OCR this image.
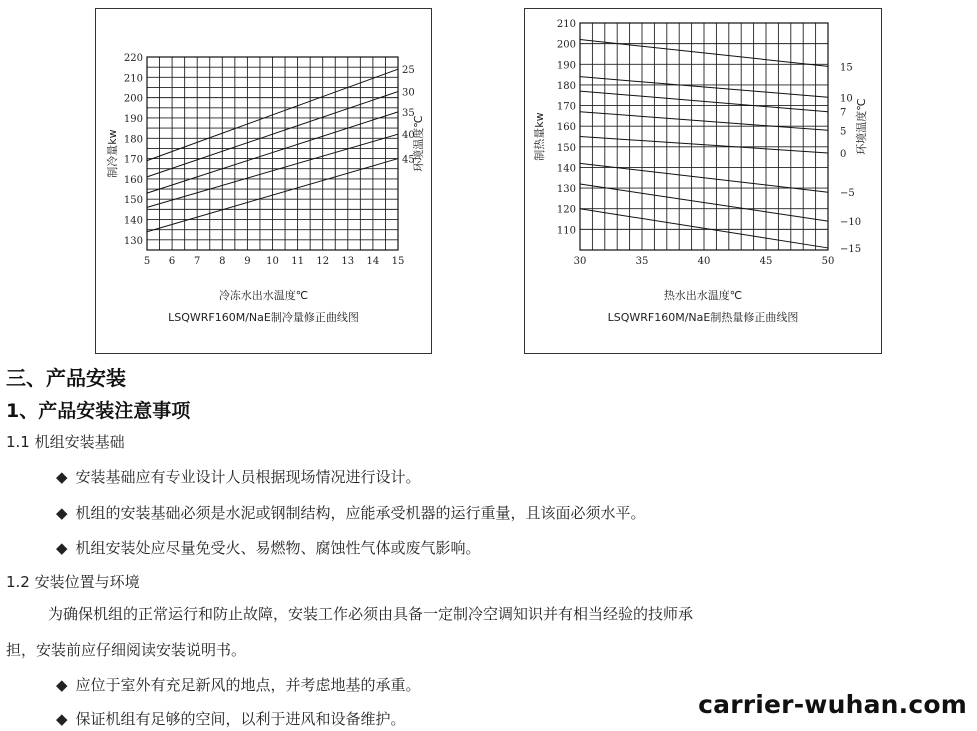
5 6 7 8 9 10 11 12 13 14 15
130
140
150
160
170
180
190
200
210
220
25
30
35
40
45
制冷量kw	环境温度℃
冷冻水出水温度℃
LSQWRF160M/NaE制冷量修正曲线图
30	35	40	45	50
110
120
130
140
150
160
170
180
190
200
210
15
10
7
5
0
−5
−10
−15
制热量kw	环境温度℃
热水出水温度℃
LSQWRF160M/NaE制热量修正曲线图
三、产品安装
1、产品安装注意事项
1.1 机组安装基础
◆ 安装基础应有专业设计人员根据现场情况进行设计。
◆ 机组的安装基础必须是水泥或钢制结构，应能承受机器的运行重量，且该面必须水平。
◆ 机组安装处应尽量免受火、易燃物、腐蚀性气体或废气影响。
1.2 安装位置与环境
为确保机组的正常运行和防止故障，安装工作必须由具备一定制冷空调知识并有相当经验的技师承
担，安装前应仔细阅读安装说明书。
◆ 应位于室外有充足新风的地点，并考虑地基的承重。
◆ 保证机组有足够的空间，以利于进风和设备维护。	carrier-wuhan.com
